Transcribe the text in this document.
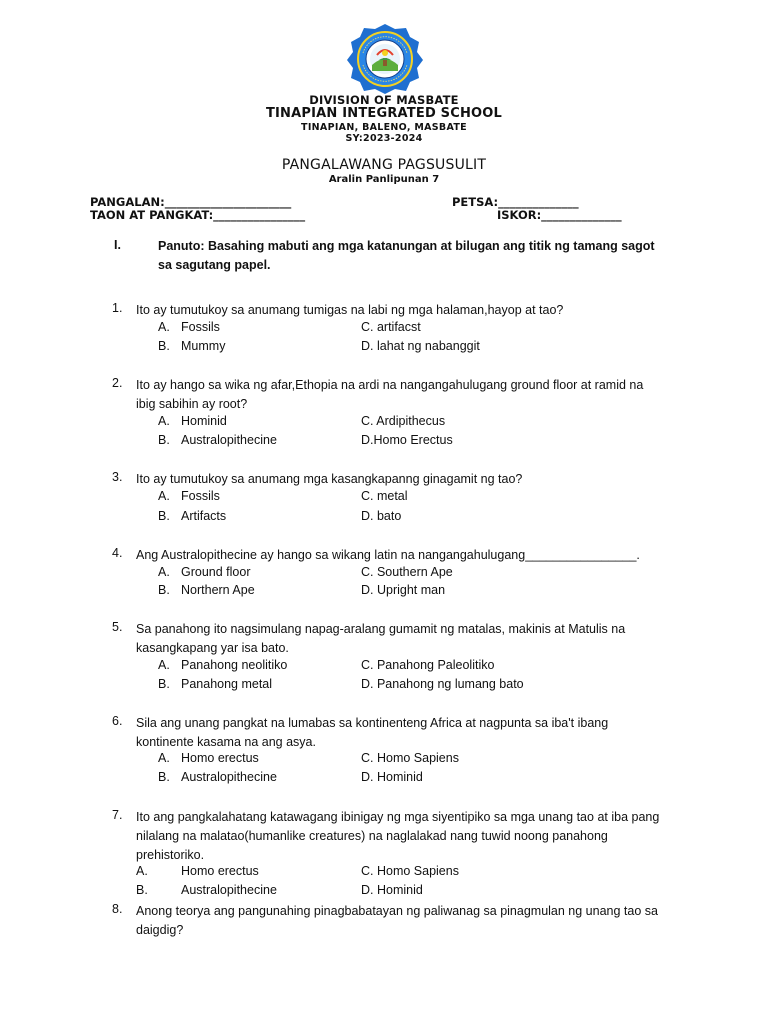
DIVISION OF MASBATE
TINAPIAN INTEGRATED SCHOOL
TINAPIAN, BALENO, MASBATE
SY:2023-2024
PANGALAWANG PAGSUSULIT
Aralin Panlipunan 7
PANGALAN:______________________	PETSA:______________
TAON AT PANGKAT:________________	ISKOR:______________
I.	Panuto: Basahing mabuti ang mga katanungan at bilugan ang titik ng tamang sagot sa sagutang papel.
1.	Ito ay tumutukoy sa anumang tumigas na labi ng mga halaman,hayop at tao?
A. Fossils	C. artifacst
B. Mummy	D. lahat ng nabanggit
2.	Ito ay hango sa wika ng afar,Ethopia na ardi na nangangahulugang ground floor at ramid na ibig sabihin ay root?
A. Hominid	C. Ardipithecus
B. Australopithecine	D.Homo Erectus
3.	Ito ay tumutukoy sa anumang mga kasangkapanng ginagamit ng tao?
A. Fossils	C. metal
B. Artifacts	D. bato
4.	Ang Australopithecine ay hango sa wikang latin na nangangahulugang________________.
A. Ground floor	C. Southern Ape
B. Northern Ape	D. Upright man
5.	Sa panahong ito nagsimulang napag-aralang gumamit ng matalas, makinis at Matulis na kasangkapang yar isa bato.
A. Panahong neolitiko	C. Panahong Paleolitiko
B. Panahong metal	D. Panahong ng lumang bato
6.	Sila ang unang pangkat na lumabas sa kontinenteng Africa at nagpunta sa iba't ibang kontinente kasama na ang asya.
A. Homo erectus	C. Homo Sapiens
B. Australopithecine	D. Hominid
7.	Ito ang pangkalahatang katawagang ibinigay ng mga siyentipiko sa mga unang tao at iba pang nilalang na malatao(humanlike creatures) na naglalakad nang tuwid noong panahong prehistoriko.
A.	Homo erectus	C. Homo Sapiens
B.	Australopithecine	D. Hominid
8.	Anong teorya ang pangunahing pinagbabatayan ng paliwanag sa pinagmulan ng unang tao sa daigdig?
